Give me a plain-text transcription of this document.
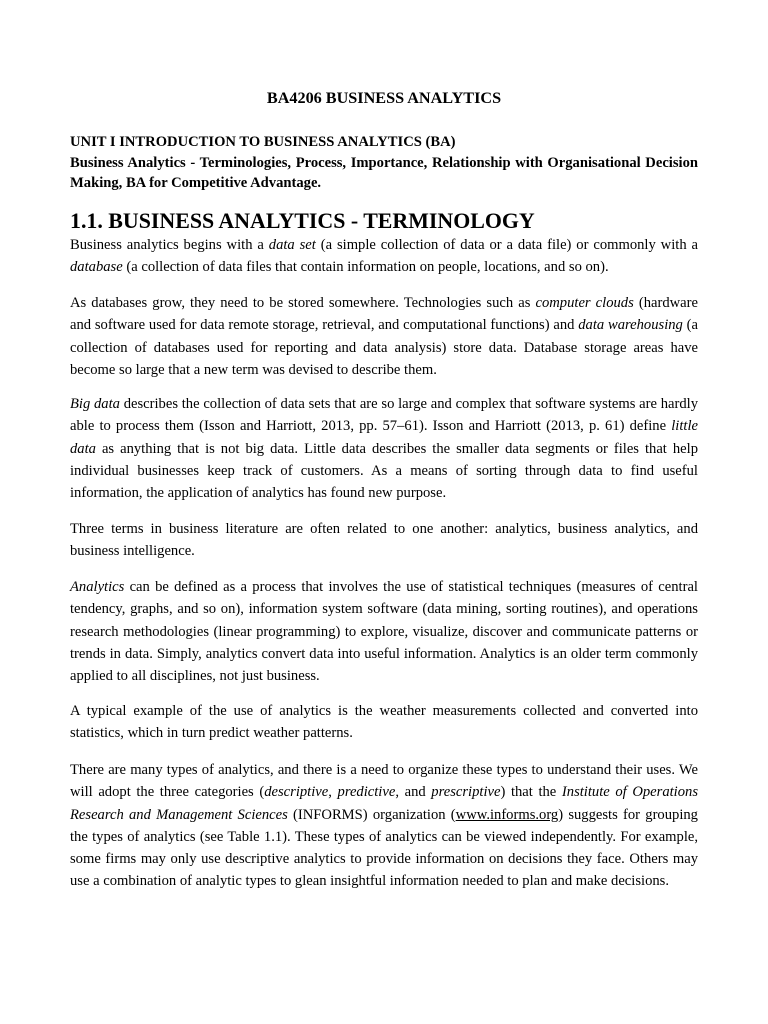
BA4206 BUSINESS ANALYTICS
UNIT I INTRODUCTION TO BUSINESS ANALYTICS (BA)
Business Analytics - Terminologies, Process, Importance, Relationship with Organisational Decision Making, BA for Competitive Advantage.
1.1. BUSINESS ANALYTICS - TERMINOLOGY

Business analytics begins with a data set (a simple collection of data or a data file) or commonly with a database (a collection of data files that contain information on people, locations, and so on).

As databases grow, they need to be stored somewhere. Technologies such as computer clouds (hardware and software used for data remote storage, retrieval, and computational functions) and data warehousing (a collection of databases used for reporting and data analysis) store data. Database storage areas have become so large that a new term was devised to describe them.

Big data describes the collection of data sets that are so large and complex that software systems are hardly able to process them (Isson and Harriott, 2013, pp. 57–61). Isson and Harriott (2013, p. 61) define little data as anything that is not big data. Little data describes the smaller data segments or files that help individual businesses keep track of customers. As a means of sorting through data to find useful information, the application of analytics has found new purpose.

Three terms in business literature are often related to one another: analytics, business analytics, and business intelligence.

Analytics can be defined as a process that involves the use of statistical techniques (measures of central tendency, graphs, and so on), information system software (data mining, sorting routines), and operations research methodologies (linear programming) to explore, visualize, discover and communicate patterns or trends in data. Simply, analytics convert data into useful information. Analytics is an older term commonly applied to all disciplines, not just business.

A typical example of the use of analytics is the weather measurements collected and converted into statistics, which in turn predict weather patterns.

There are many types of analytics, and there is a need to organize these types to understand their uses. We will adopt the three categories (descriptive, predictive, and prescriptive) that the Institute of Operations Research and Management Sciences (INFORMS) organization (www.informs.org) suggests for grouping the types of analytics (see Table 1.1). These types of analytics can be viewed independently. For example, some firms may only use descriptive analytics to provide information on decisions they face. Others may use a combination of analytic types to glean insightful information needed to plan and make decisions.
